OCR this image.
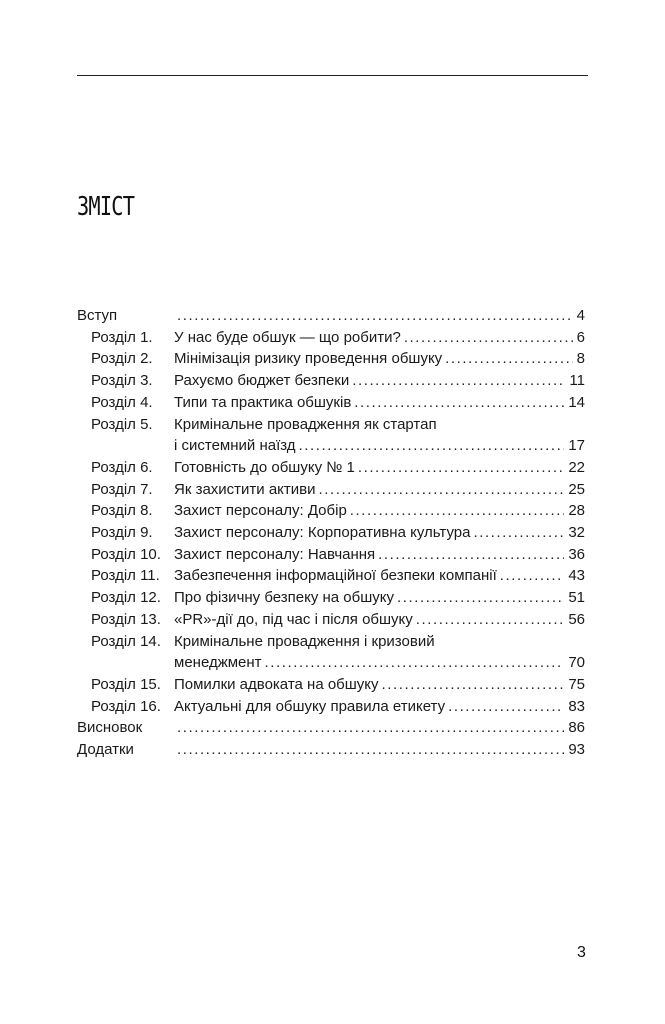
ЗМІСТ
Вступ . . .	4
Розділ 1.	У нас буде обшук — що робити? . . .	6
Розділ 2.	Мінімізація ризику проведення обшуку . . .	8
Розділ 3.	Рахуємо бюджет безпеки . . .	11
Розділ 4.	Типи та практика обшуків . . .	14
Розділ 5.	Кримінальне провадження як стартап
і системний наїзд . . .	17
Розділ 6.	Готовність до обшуку № 1 . . .	22
Розділ 7.	Як захистити активи . . .	25
Розділ 8.	Захист персоналу: Добір . . .	28
Розділ 9.	Захист персоналу: Корпоративна культура . . .	32
Розділ 10. Захист персоналу: Навчання . . .	36
Розділ 11. Забезпечення інформаційної безпеки компанії . . .	43
Розділ 12. Про фізичну безпеку на обшуку . . .	51
Розділ 13. «PR»-дії до, під час і після обшуку . . .	56
Розділ 14. Кримінальне провадження і кризовий
менеджмент . . .	70
Розділ 15. Помилки адвоката на обшуку . . .	75
Розділ 16. Актуальні для обшуку правила етикету . . .	83
Висновок . . .	86
Додатки . . .	93
3
